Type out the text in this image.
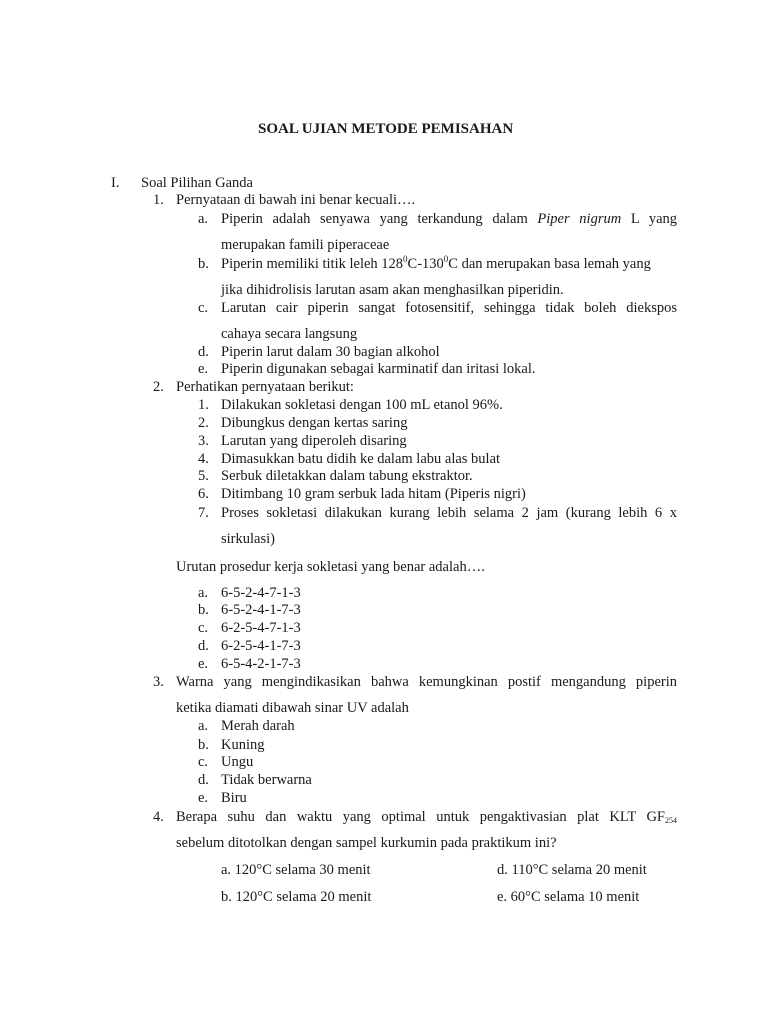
SOAL UJIAN METODE PEMISAHAN
I. Soal Pilihan Ganda
1. Pernyataan di bawah ini benar kecuali….
a. Piperin adalah senyawa yang terkandung dalam Piper nigrum L yang
merupakan famili piperaceae
b. Piperin memiliki titik leleh $128^0C-130^0C$ dan merupakan basa lemah yang
jika dihidrolisis larutan asam akan menghasilkan piperidin.
c. Larutan cair piperin sangat fotosensitif, sehingga tidak boleh diekspos
cahaya secara langsung
d. Piperin larut dalam 30 bagian alkohol
e. Piperin digunakan sebagai karminatif dan iritasi lokal.
2. Perhatikan pernyataan berikut:
1. Dilakukan sokletasi dengan 100 mL etanol 96%.
2. Dibungkus dengan kertas saring
3. Larutan yang diperoleh disaring
4. Dimasukkan batu didih ke dalam labu alas bulat
5. Serbuk diletakkan dalam tabung ekstraktor.
6. Ditimbang 10 gram serbuk lada hitam (Piperis nigri)
7. Proses sokletasi dilakukan kurang lebih selama 2 jam (kurang lebih 6 x
sirkulasi)
Urutan prosedur kerja sokletasi yang benar adalah….
a. 6-5-2-4-7-1-3
b. 6-5-2-4-1-7-3
c. 6-2-5-4-7-1-3
d. 6-2-5-4-1-7-3
e. 6-5-4-2-1-7-3
3. Warna yang mengindikasikan bahwa kemungkinan postif mengandung piperin
ketika diamati dibawah sinar UV adalah
a. Merah darah
b. Kuning
c. Ungu
d. Tidak berwarna
e. Biru
4. Berapa suhu dan waktu yang optimal untuk pengaktivasian plat KLT $GF_{254}$
sebelum ditotolkan dengan sampel kurkumin pada praktikum ini?
a. 120°C selama 30 menit	d. 110°C selama 20 menit
b. 120°C selama 20 menit	e. 60°C selama 10 menit
